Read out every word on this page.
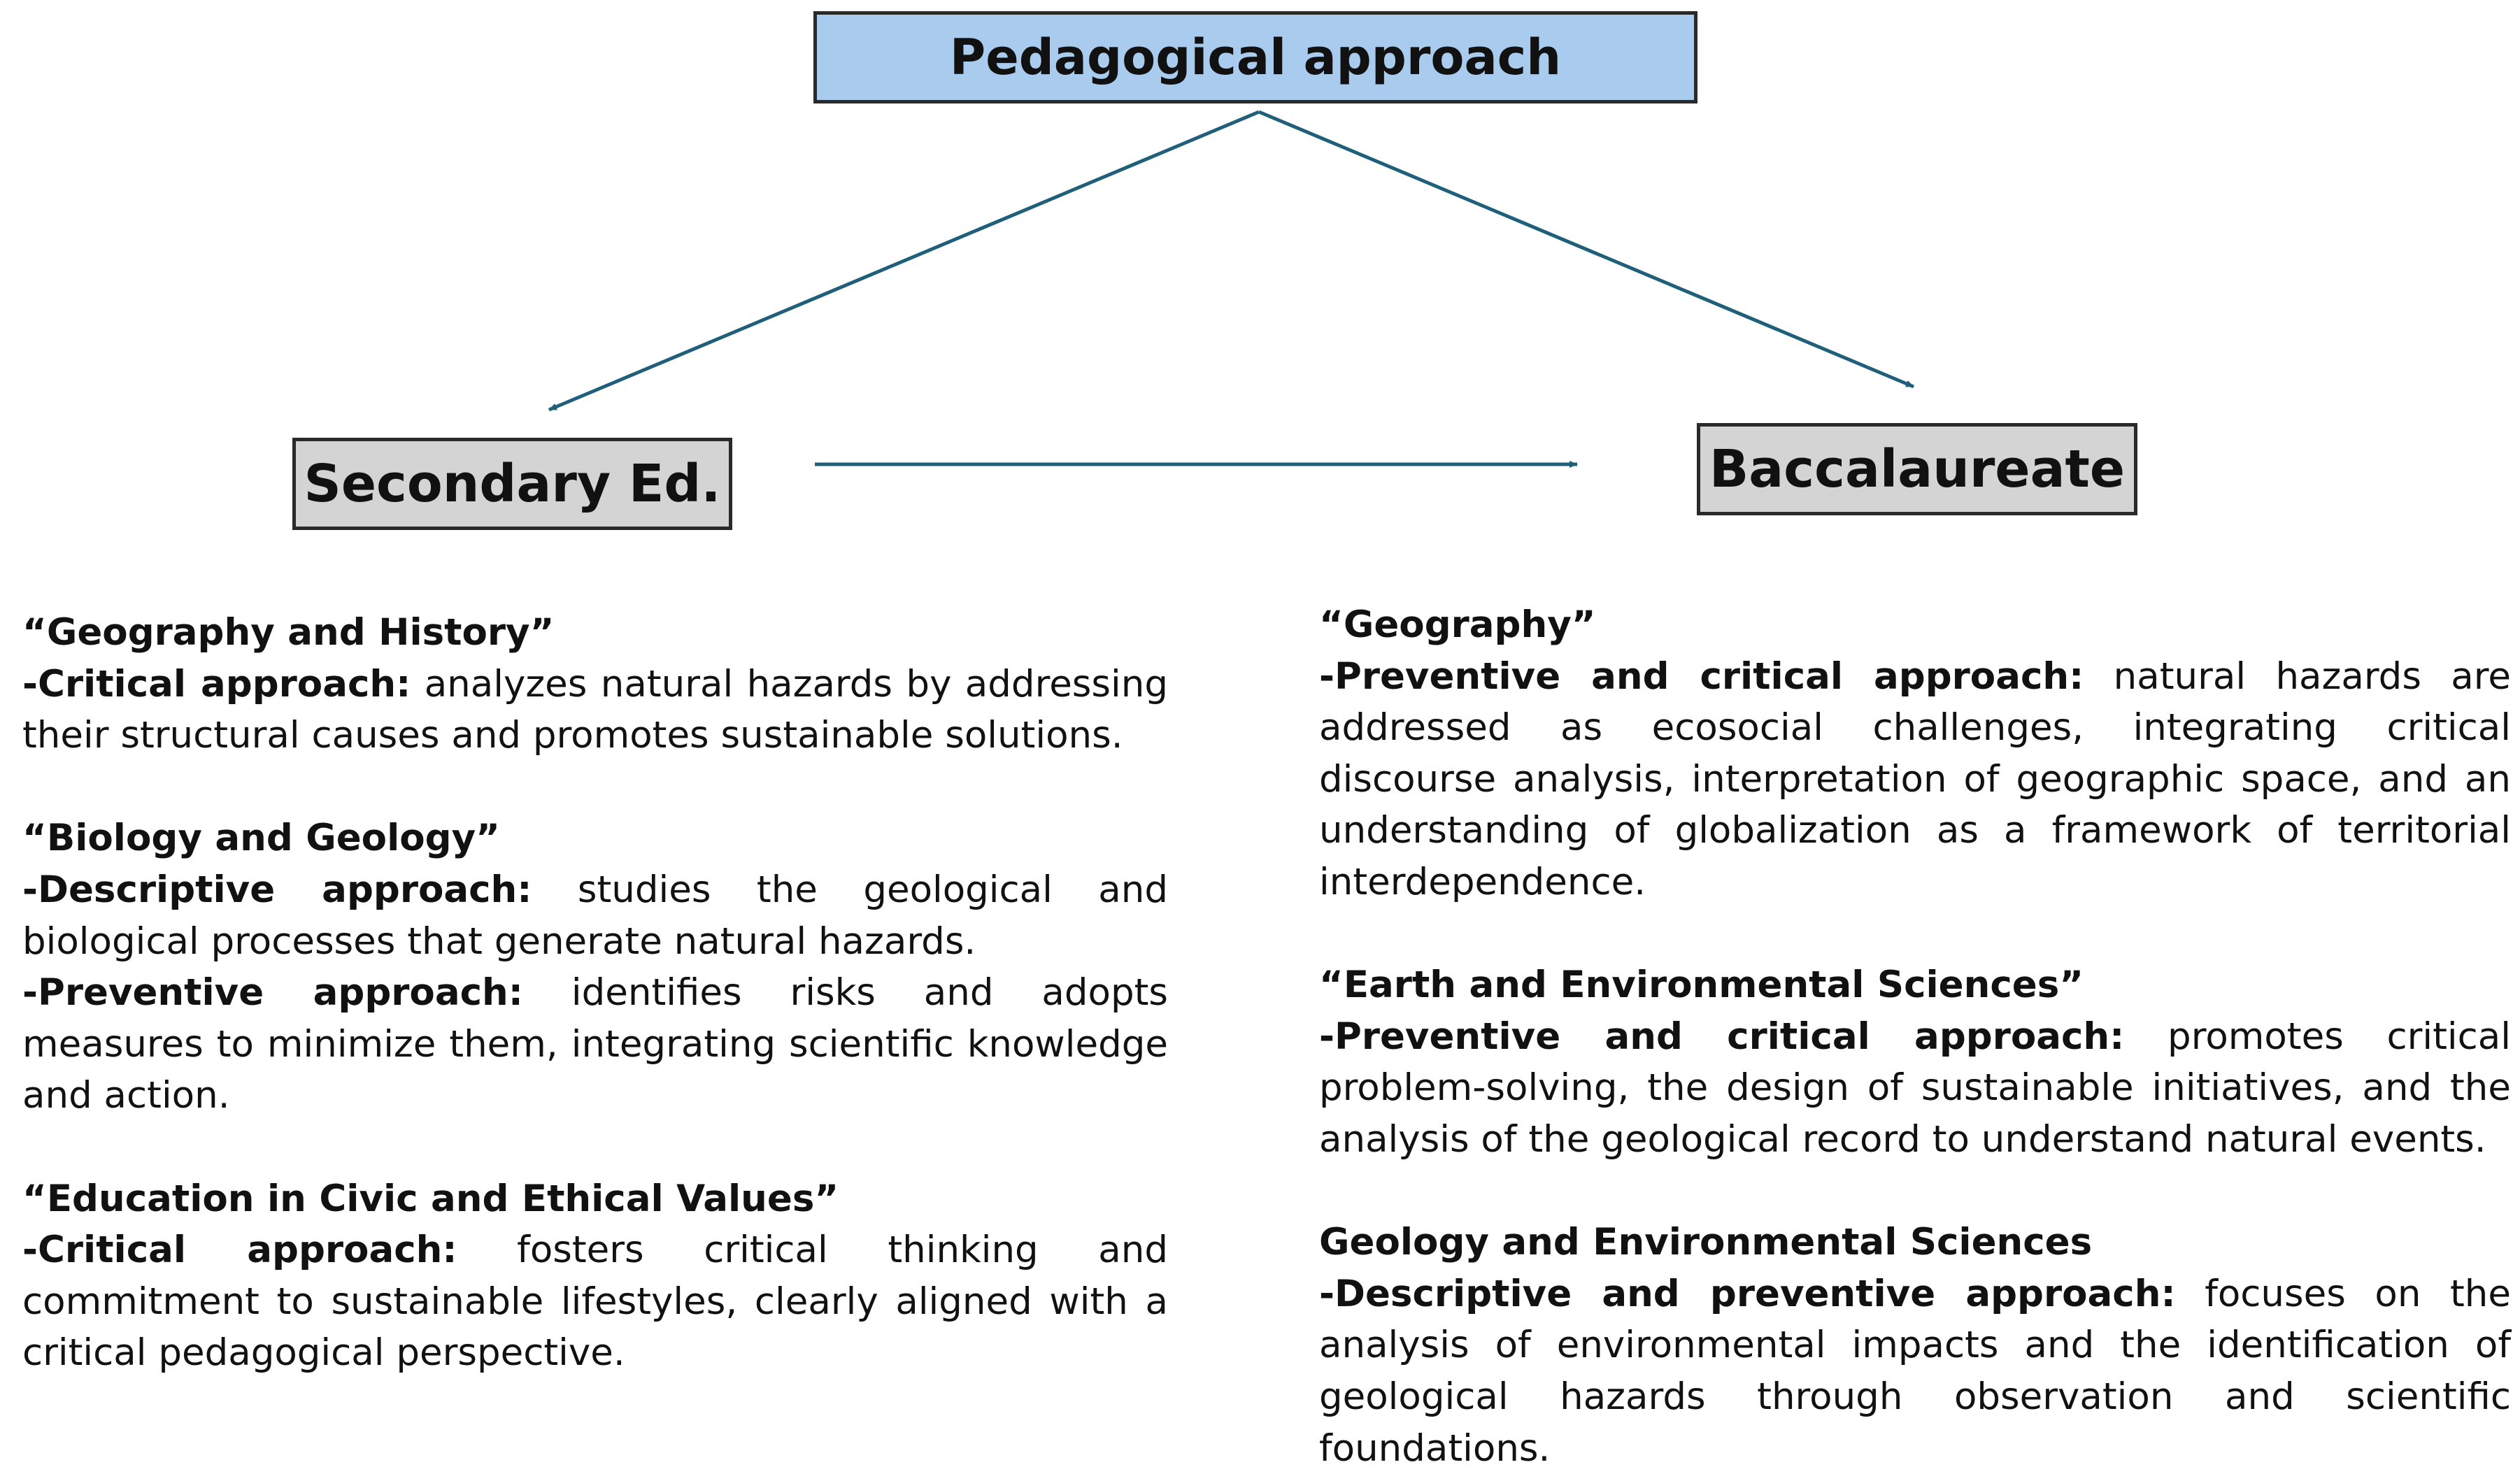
Pedagogical approach
Secondary Ed.	Baccalaureate

“Geography and History”

-Critical approach: analyzes natural hazards by addressing their structural causes and promotes sustainable solutions.

“Biology and Geology”

-Descriptive approach: studies the geological and biological processes that generate natural hazards.

-Preventive approach: identifies risks and adopts measures to minimize them, integrating scientific knowledge and action.

“Education in Civic and Ethical Values”

-Critical approach: fosters critical thinking and commitment to sustainable lifestyles, clearly aligned with a critical pedagogical perspective.

“Geography”

-Preventive and critical approach: natural hazards are addressed as ecosocial challenges, integrating critical discourse analysis, interpretation of geographic space, and an understanding of globalization as a framework of territorial interdependence.

“Earth and Environmental Sciences”

-Preventive and critical approach: promotes critical problem-solving, the design of sustainable initiatives, and the analysis of the geological record to understand natural events.

Geology and Environmental Sciences

-Descriptive and preventive approach: focuses on the analysis of environmental impacts and the identification of geological hazards through observation and scientific foundations.
